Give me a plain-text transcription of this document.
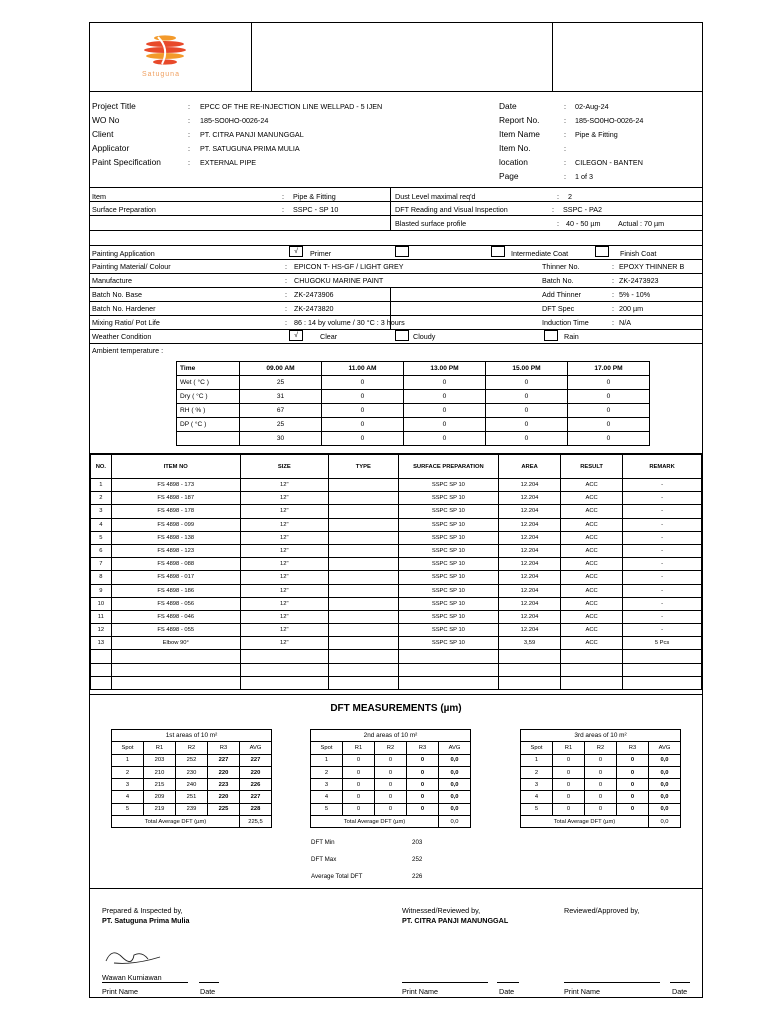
Satuguna
Project Title	: EPCC OF THE RE-INJECTION LINE WELLPAD - 5 IJEN
WO No	: 185-SO0HO-0026-24
Client	: PT. CITRA PANJI MANUNGGAL
Applicator	: PT. SATUGUNA PRIMA MULIA
Paint Specification	: EXTERNAL PIPE
Date	: 02-Aug-24
Report No.	: 185-SO0HO-0026-24
Item Name	: Pipe & Fitting
Item No.	:
location	: CILEGON - BANTEN
Page	: 1 of 3
Item	: Pipe & Fitting
Surface Preparation	: SSPC - SP 10
Dust Level maximal req'd	: 2
DFT Reading and Visual Inspection	: SSPC - PA2
Blasted surface profile	: 40 - 50 µm Actual : 70 µm
Painting Application	√	Primer	Intermediate Coat	Finish Coat
Painting Material/ Colour	: EPICON T- HS-GF / LIGHT GREY
Manufacture	: CHUGOKU MARINE PAINT
Batch No. Base	: ZK-2473906
Batch No. Hardener	: ZK-2473820
Mixing Ratio/ Pot Life	: 86 : 14 by volume / 30 °C : 3 hours
Weather Condition	√	Clear	Cloudy	Rain
Ambient temperature :
Thinner No.	: EPOXY THINNER B
Batch No.	: ZK-2473923
Add Thinner	: 5% - 10%
DFT Spec	: 200 µm
Induction Time	: N/A
Time	09.00 AM	11.00 AM	13.00 PM	15.00 PM	17.00 PM
Wet ( °C )	25	0	0	0	0
Dry ( °C )	31	0	0	0	0
RH ( % )	67	0	0	0	0
DP ( °C )	25	0	0	0	0
	30	0	0	0	0
NO.	ITEM NO	SIZE	TYPE	SURFACE PREPARATION	AREA	RESULT	REMARK
1	FS 4898 - 173	12"		SSPC SP 10	12.204	ACC	-
2	FS 4898 - 187	12"		SSPC SP 10	12.204	ACC	-
3	FS 4898 - 178	12"		SSPC SP 10	12.204	ACC	-
4	FS 4898 - 099	12"		SSPC SP 10	12.204	ACC	-
5	FS 4898 - 138	12"		SSPC SP 10	12.204	ACC	-
6	FS 4898 - 123	12"		SSPC SP 10	12.204	ACC	-
7	FS 4898 - 088	12"		SSPC SP 10	12.204	ACC	-
8	FS 4898 - 017	12"		SSPC SP 10	12.204	ACC	-
9	FS 4898 - 186	12"		SSPC SP 10	12.204	ACC	-
10	FS 4898 - 056	12"		SSPC SP 10	12.204	ACC	-
11	FS 4898 - 046	12"		SSPC SP 10	12.204	ACC	-
12	FS 4898 - 055	12"		SSPC SP 10	12.204	ACC	-
13	Elbow 90°	12"		SSPC SP 10	3,59	ACC	5 Pcs

DFT MEASUREMENTS (µm)
1st areas of 10 m²				
Spot	R1	R2	R3	AVG
1	203	252	227	227
2	210	230	220	220
3	215	240	223	226
4	209	251	220	227
5	219	239	225	228
Total Average DFT (µm)				225,5
2nd areas of 10 m²				
Spot	R1	R2	R3	AVG
1	0	0	0	0,0
2	0	0	0	0,0
3	0	0	0	0,0
4	0	0	0	0,0
5	0	0	0	0,0
Total Average DFT (µm)				0,0
3rd areas of 10 m²				
Spot	R1	R2	R3	AVG
1	0	0	0	0,0
2	0	0	0	0,0
3	0	0	0	0,0
4	0	0	0	0,0
5	0	0	0	0,0
Total Average DFT (µm)				0,0
DFT Min	203
DFT Max	252
Average Total DFT	226
Prepared & Inspected by,
PT. Satuguna Prima Mulia
Wawan Kurniawan
Print Name	Date
Witnessed/Reviewed by,
PT. CITRA PANJI MANUNGGAL
Print Name	Date
Reviewed/Approved by,
Print Name	Date
